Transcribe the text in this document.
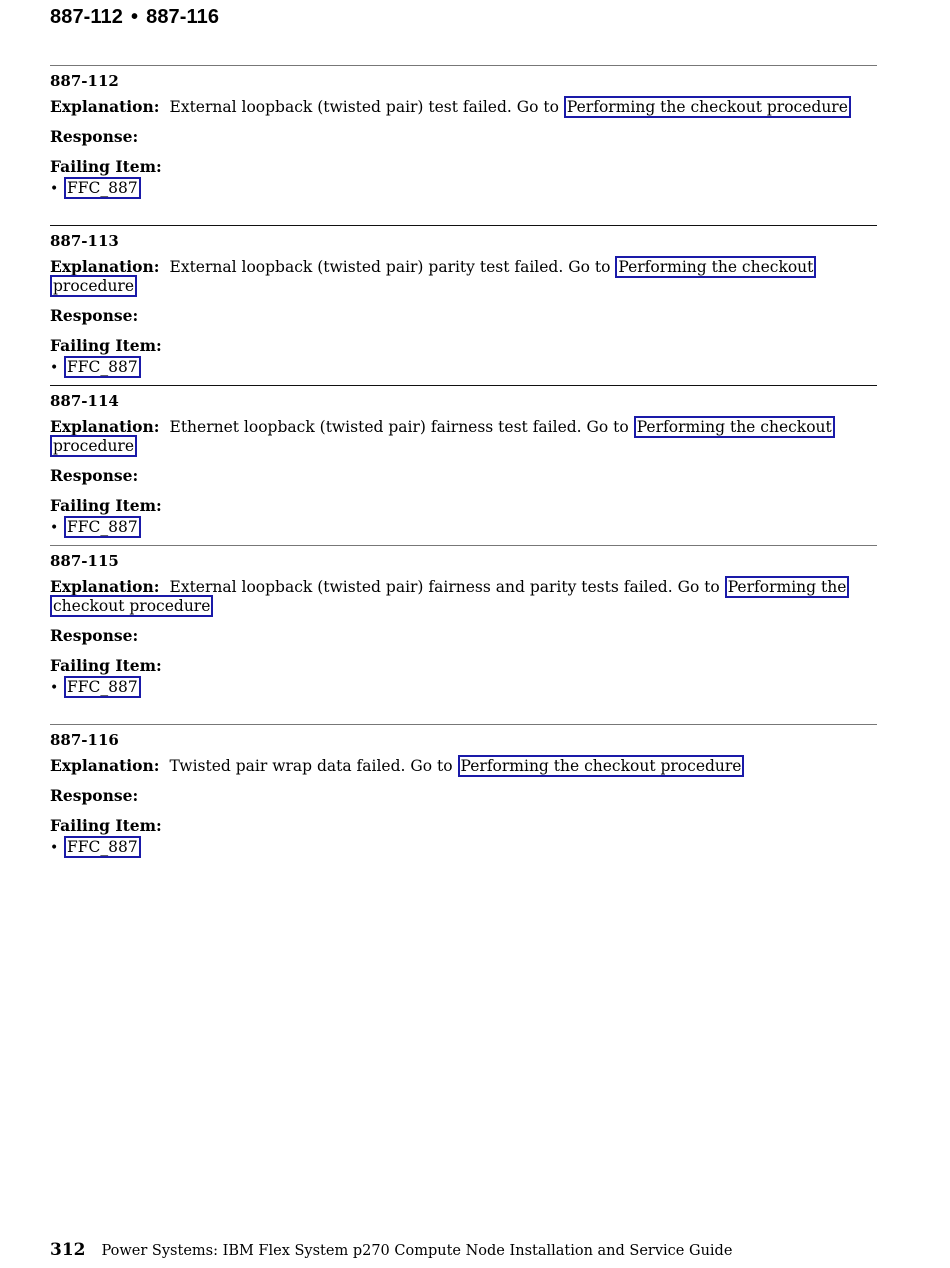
887-112 • 887-116
887-112
Explanation: External loopback (twisted pair) test failed. Go to Performing the checkout procedure
Response:
Failing Item:
• FFC_887
887-113
Explanation: External loopback (twisted pair) parity test failed. Go to Performing the checkout procedure
Response:
Failing Item:
• FFC_887
887-114
Explanation: Ethernet loopback (twisted pair) fairness test failed. Go to Performing the checkout procedure
Response:
Failing Item:
• FFC_887
887-115
Explanation: External loopback (twisted pair) fairness and parity tests failed. Go to Performing the checkout procedure
Response:
Failing Item:
• FFC_887
887-116
Explanation: Twisted pair wrap data failed. Go to Performing the checkout procedure
Response:
Failing Item:
• FFC_887
312 Power Systems: IBM Flex System p270 Compute Node Installation and Service Guide
